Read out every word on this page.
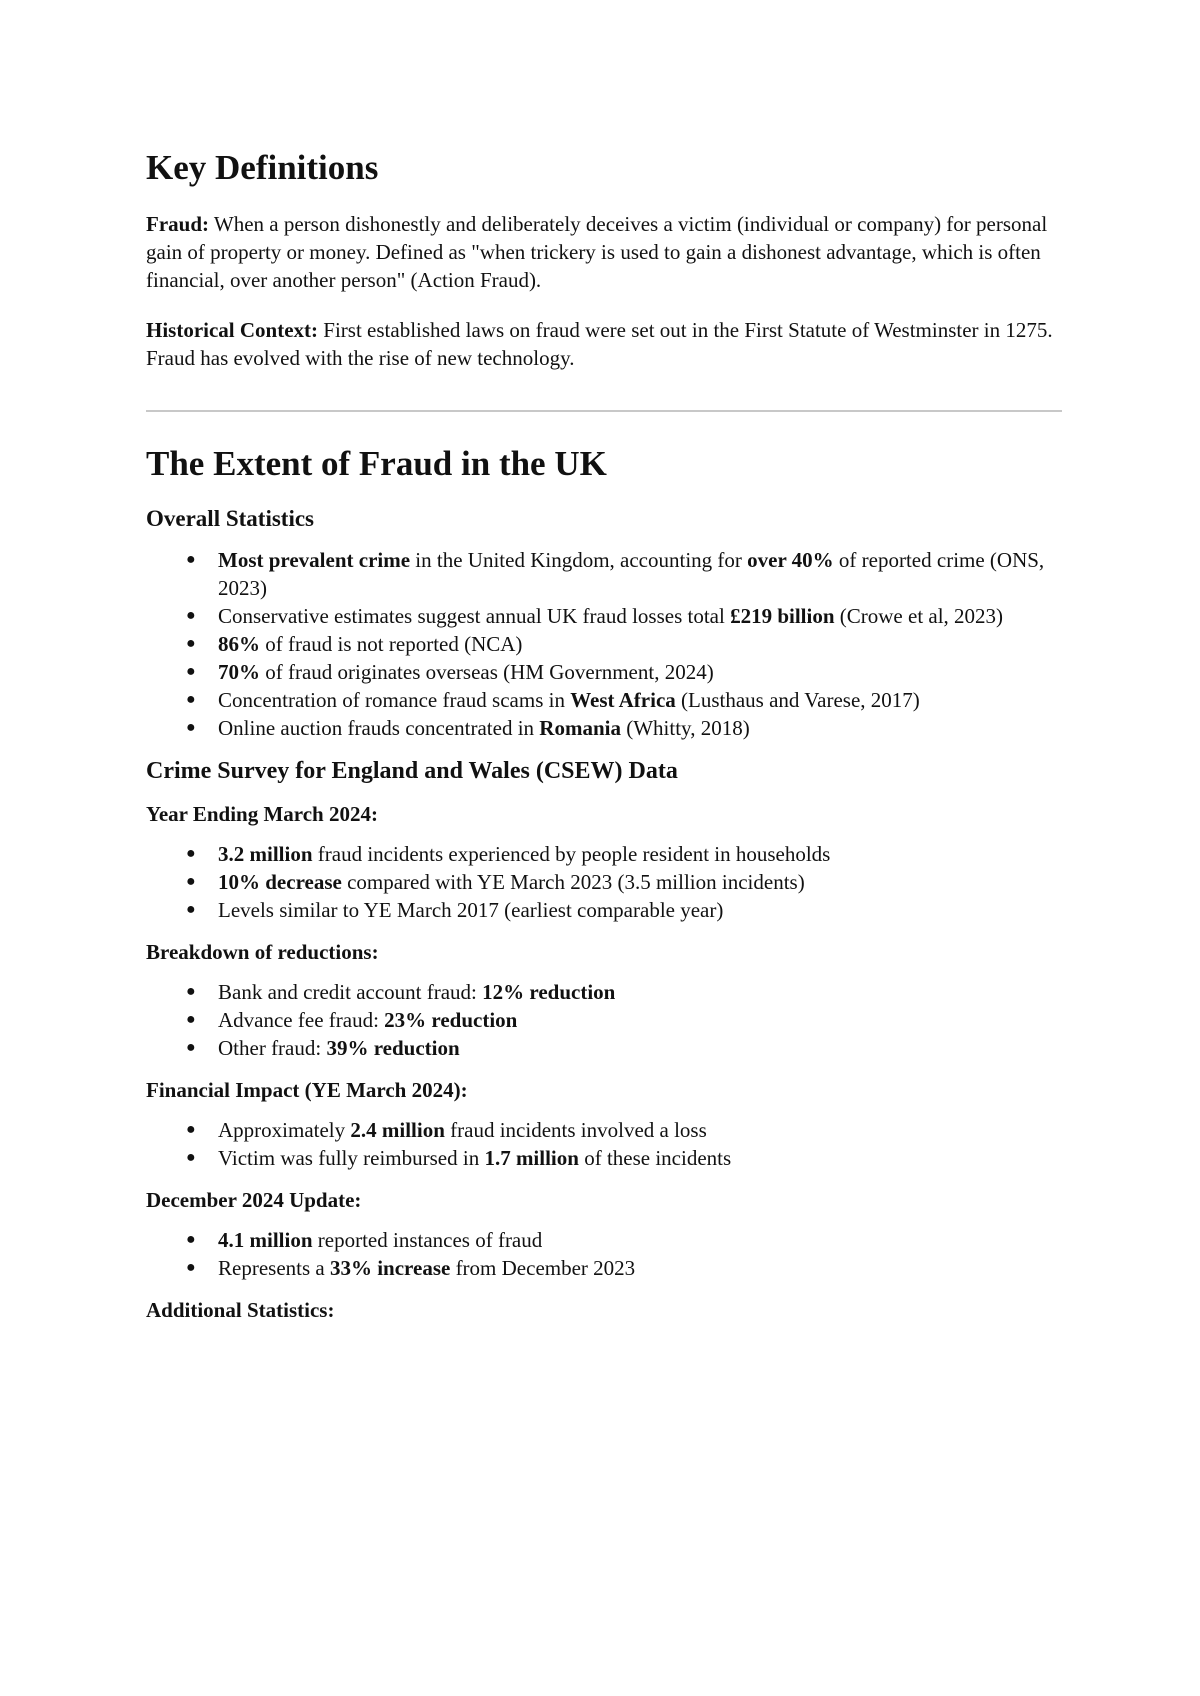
Key Definitions

Fraud: When a person dishonestly and deliberately deceives a victim (individual or company) for personal gain of property or money. Defined as "when trickery is used to gain a dishonest advantage, which is often financial, over another person" (Action Fraud).

Historical Context: First established laws on fraud were set out in the First Statute of Westminster in 1275. Fraud has evolved with the rise of new technology.

The Extent of Fraud in the UK
Overall Statistics
● Most prevalent crime in the United Kingdom, accounting for over 40% of reported crime (ONS, 2023)
● Conservative estimates suggest annual UK fraud losses total £219 billion (Crowe et al, 2023)
● 86% of fraud is not reported (NCA)
● 70% of fraud originates overseas (HM Government, 2024)
● Concentration of romance fraud scams in West Africa (Lusthaus and Varese, 2017)
● Online auction frauds concentrated in Romania (Whitty, 2018)
Crime Survey for England and Wales (CSEW) Data
Year Ending March 2024:
● 3.2 million fraud incidents experienced by people resident in households
● 10% decrease compared with YE March 2023 (3.5 million incidents)
● Levels similar to YE March 2017 (earliest comparable year)
Breakdown of reductions:
● Bank and credit account fraud: 12% reduction
● Advance fee fraud: 23% reduction
● Other fraud: 39% reduction
Financial Impact (YE March 2024):
● Approximately 2.4 million fraud incidents involved a loss
● Victim was fully reimbursed in 1.7 million of these incidents
December 2024 Update:
● 4.1 million reported instances of fraud
● Represents a 33% increase from December 2023
Additional Statistics:
